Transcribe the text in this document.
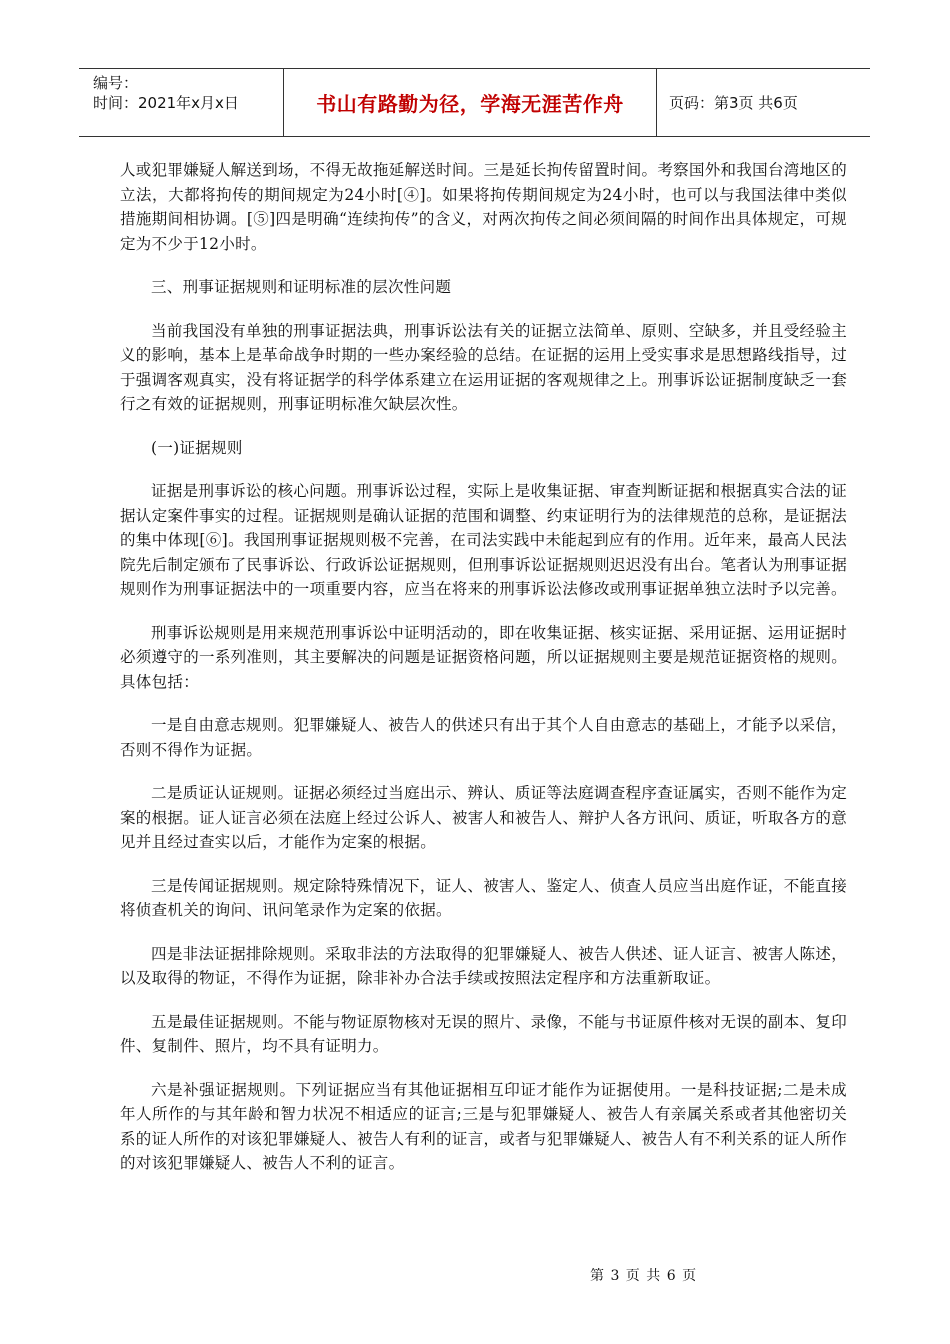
编号：
时间：2021年x月x日	书山有路勤为径，学海无涯苦作舟	页码：第3页 共6页

人或犯罪嫌疑人解送到场，不得无故拖延解送时间。三是延长拘传留置时间。考察国外和我国台湾地区的立法，大都将拘传的期间规定为24小时[④]。如果将拘传期间规定为24小时，也可以与我国法律中类似措施期间相协调。[⑤]四是明确“连续拘传”的含义，对两次拘传之间必须间隔的时间作出具体规定，可规定为不少于12小时。

三、刑事证据规则和证明标准的层次性问题

当前我国没有单独的刑事证据法典，刑事诉讼法有关的证据立法简单、原则、空缺多，并且受经验主义的影响，基本上是革命战争时期的一些办案经验的总结。在证据的运用上受实事求是思想路线指导，过于强调客观真实，没有将证据学的科学体系建立在运用证据的客观规律之上。刑事诉讼证据制度缺乏一套行之有效的证据规则，刑事证明标准欠缺层次性。

(一)证据规则

证据是刑事诉讼的核心问题。刑事诉讼过程，实际上是收集证据、审查判断证据和根据真实合法的证据认定案件事实的过程。证据规则是确认证据的范围和调整、约束证明行为的法律规范的总称，是证据法的集中体现[⑥]。我国刑事证据规则极不完善，在司法实践中未能起到应有的作用。近年来，最高人民法院先后制定颁布了民事诉讼、行政诉讼证据规则，但刑事诉讼证据规则迟迟没有出台。笔者认为刑事证据规则作为刑事证据法中的一项重要内容，应当在将来的刑事诉讼法修改或刑事证据单独立法时予以完善。

刑事诉讼规则是用来规范刑事诉讼中证明活动的，即在收集证据、核实证据、采用证据、运用证据时必须遵守的一系列准则，其主要解决的问题是证据资格问题，所以证据规则主要是规范证据资格的规则。具体包括：

一是自由意志规则。犯罪嫌疑人、被告人的供述只有出于其个人自由意志的基础上，才能予以采信，否则不得作为证据。

二是质证认证规则。证据必须经过当庭出示、辨认、质证等法庭调查程序查证属实，否则不能作为定案的根据。证人证言必须在法庭上经过公诉人、被害人和被告人、辩护人各方讯问、质证，听取各方的意见并且经过查实以后，才能作为定案的根据。

三是传闻证据规则。规定除特殊情况下，证人、被害人、鉴定人、侦查人员应当出庭作证，不能直接将侦查机关的询问、讯问笔录作为定案的依据。

四是非法证据排除规则。采取非法的方法取得的犯罪嫌疑人、被告人供述、证人证言、被害人陈述，以及取得的物证，不得作为证据，除非补办合法手续或按照法定程序和方法重新取证。

五是最佳证据规则。不能与物证原物核对无误的照片、录像，不能与书证原件核对无误的副本、复印件、复制件、照片，均不具有证明力。

六是补强证据规则。下列证据应当有其他证据相互印证才能作为证据使用。一是科技证据;二是未成年人所作的与其年龄和智力状况不相适应的证言;三是与犯罪嫌疑人、被告人有亲属关系或者其他密切关系的证人所作的对该犯罪嫌疑人、被告人有利的证言，或者与犯罪嫌疑人、被告人有不利关系的证人所作的对该犯罪嫌疑人、被告人不利的证言。

第 3 页 共 6 页
